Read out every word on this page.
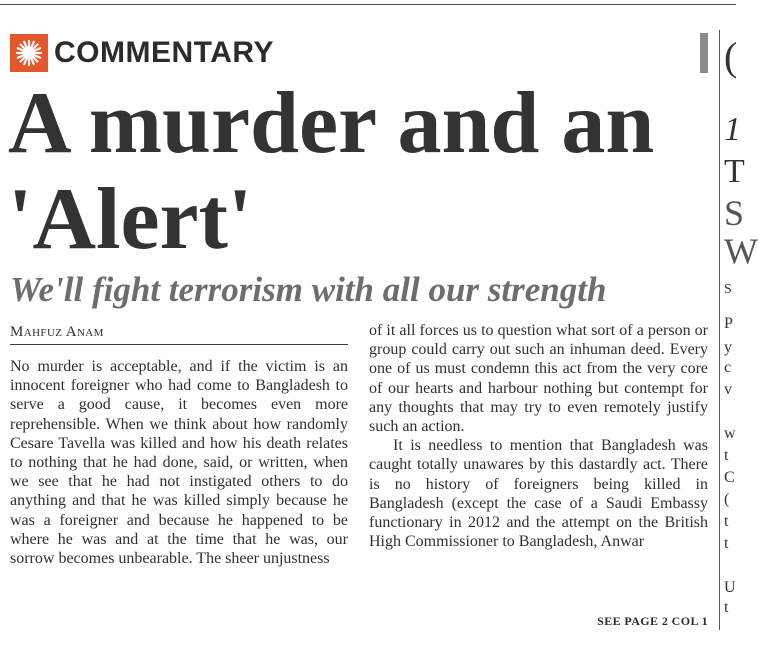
COMMENTARY
A murder and an 'Alert'
We'll fight terrorism with all our strength
Mahfuz Anam

No murder is acceptable, and if the victim is an innocent foreigner who had come to Bangladesh to serve a good cause, it becomes even more reprehensible. When we think about how randomly Cesare Tavella was killed and how his death relates to nothing that he had done, said, or written, when we see that he had not instigated others to do anything and that he was killed simply because he was a foreigner and because he happened to be where he was and at the time that he was, our sorrow becomes unbearable. The sheer unjustness

of it all forces us to question what sort of a person or group could carry out such an inhuman deed. Every one of us must condemn this act from the very core of our hearts and harbour nothing but contempt for any thoughts that may try to even remotely justify such an action.

It is needless to mention that Bangladesh was caught totally unawares by this dastardly act. There is no history of foreigners being killed in Bangladesh (except the case of a Saudi Embassy functionary in 2012 and the attempt on the British High Commissioner to Bangladesh, Anwar

SEE PAGE 2 COL 1
(
1
T
S
W
S
P
y
c
v
w
t
C
(
t
t
U
t
